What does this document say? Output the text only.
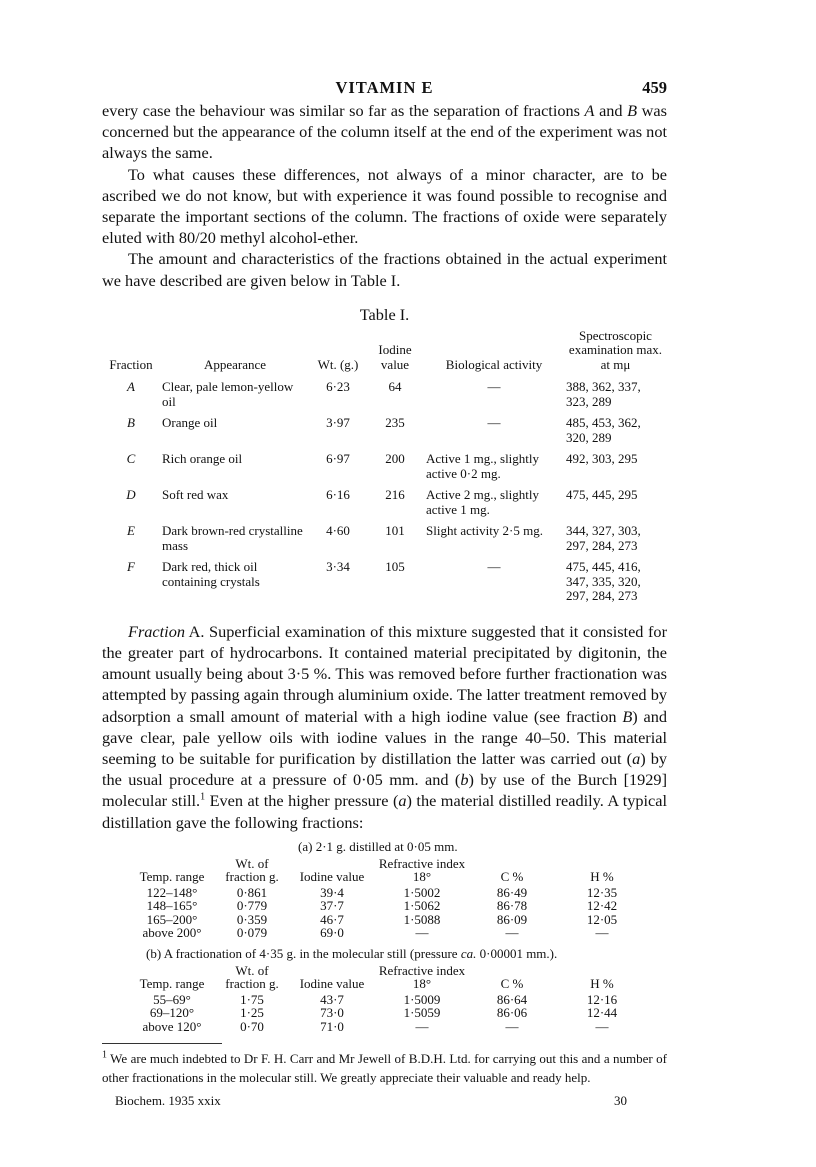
VITAMIN E	459

every case the behaviour was similar so far as the separation of fractions A and B was concerned but the appearance of the column itself at the end of the experiment was not always the same.

To what causes these differences, not always of a minor character, are to be ascribed we do not know, but with experience it was found possible to recognise and separate the important sections of the column. The fractions of oxide were separately eluted with 80/20 methyl alcohol-ether.

The amount and characteristics of the fractions obtained in the actual experiment we have described are given below in Table I.

Table I.
Fraction	Appearance	Wt. (g.)	Iodine value	Biological activity	Spectroscopic examination max. at mμ
A	Clear, pale lemon-yellow oil	6·23	64	—	388, 362, 337, 323, 289
B	Orange oil	3·97	235	—	485, 453, 362, 320, 289
C	Rich orange oil	6·97	200	Active 1 mg., slightly active 0·2 mg.	492, 303, 295
D	Soft red wax	6·16	216	Active 2 mg., slightly active 1 mg.	475, 445, 295
E	Dark brown-red crystalline mass	4·60	101	Slight activity 2·5 mg.	344, 327, 303, 297, 284, 273
F	Dark red, thick oil containing crystals	3·34	105	—	475, 445, 416, 347, 335, 320, 297, 284, 273

Fraction A. Superficial examination of this mixture suggested that it consisted for the greater part of hydrocarbons. It contained material precipitated by digitonin, the amount usually being about 3·5 %. This was removed before further fractionation was attempted by passing again through aluminium oxide. The latter treatment removed by adsorption a small amount of material with a high iodine value (see fraction B) and gave clear, pale yellow oils with iodine values in the range 40–50. This material seeming to be suitable for purification by distillation the latter was carried out (a) by the usual procedure at a pressure of 0·05 mm. and (b) by use of the Burch [1929] molecular still.$^1$ Even at the higher pressure (a) the material distilled readily. A typical distillation gave the following fractions:

(a) 2·1 g. distilled at 0·05 mm.
Temp. range	Wt. of fraction g.	Iodine value	Refractive index 18°	C %	H %
122–148°	0·861	39·4	1·5002	86·49	12·35
148–165°	0·779	37·7	1·5062	86·78	12·42
165–200°	0·359	46·7	1·5088	86·09	12·05
above 200°	0·079	69·0	—	—	—
(b) A fractionation of 4·35 g. in the molecular still (pressure ca. 0·00001 mm.).
Temp. range	Wt. of fraction g.	Iodine value	Refractive index 18°	C %	H %
55–69°	1·75	43·7	1·5009	86·64	12·16
69–120°	1·25	73·0	1·5059	86·06	12·44
above 120°	0·70	71·0	—	—	—
$^1$ We are much indebted to Dr F. H. Carr and Mr Jewell of B.D.H. Ltd. for carrying out this and a number of other fractionations in the molecular still. We greatly appreciate their valuable and ready help.
Biochem. 1935 xxix	30
